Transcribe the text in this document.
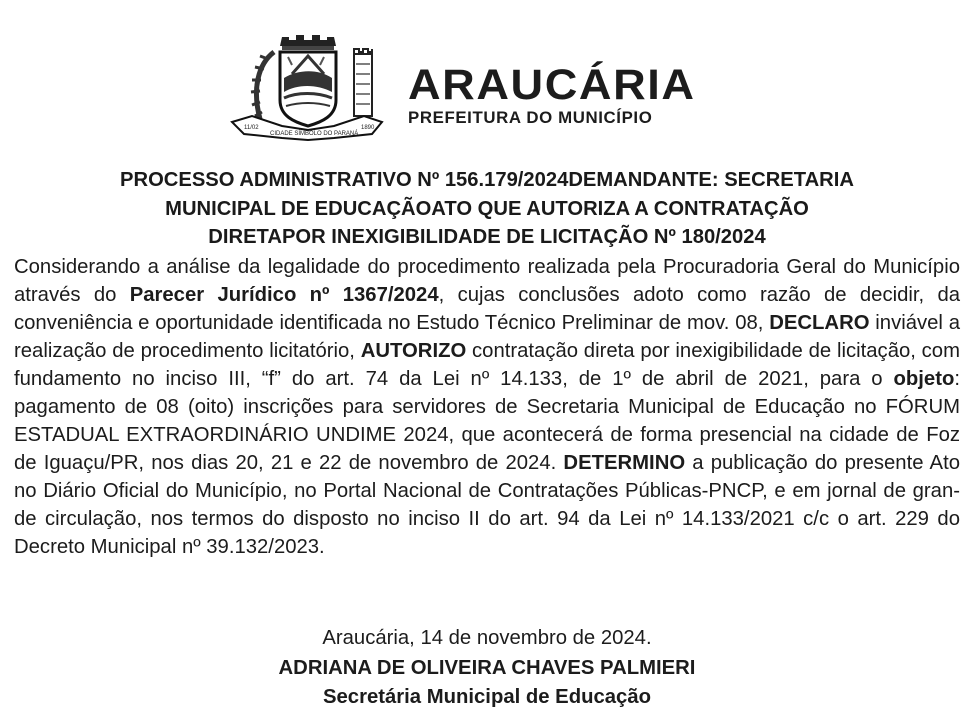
11/02	1890
CIDADE SÍMBOLO DO PARANÁ
ARAUCÁRIA
PREFEITURA DO MUNICÍPIO
PROCESSO ADMINISTRATIVO Nº 156.179/2024DEMANDANTE: SECRETARIA
MUNICIPAL DE EDUCAÇÃOATO QUE AUTORIZA A CONTRATAÇÃO
DIRETAPOR INEXIGIBILIDADE DE LICITAÇÃO Nº 180/2024
Considerando a análise da legalidade do procedimento realizada pela Procuradoria Geral do Município através do Parecer Jurídico nº 1367/2024, cujas conclusões adoto como razão de decidir, da conveniência e oportunidade identificada no Estudo Técnico Preliminar de mov. 08, DECLARO inviável a realização de procedimento licitatório, AUTORIZO contratação direta por inexigibilidade de licitação, com fundamento no inciso III, “f” do art. 74 da Lei nº 14.133, de 1º de abril de 2021, para o objeto: pagamento de 08 (oito) inscrições para servidores de Secretaria Municipal de Educação no FÓRUM ESTADUAL EXTRAORDINÁRIO UNDIME 2024, que acontecerá de forma presencial na cidade de Foz de Iguaçu/PR, nos dias 20, 21 e 22 de novembro de 2024. DETERMINO a publicação do presente Ato no Diário Oficial do Município, no Portal Nacional de Contratações Públicas-PNCP, e em jornal de grande circulação, nos termos do disposto no inciso II do art. 94 da Lei nº 14.133/2021 c/c o art. 229 do Decreto Municipal nº 39.132/2023.
Araucária, 14 de novembro de 2024.
ADRIANA DE OLIVEIRA CHAVES PALMIERI
Secretária Municipal de Educação
